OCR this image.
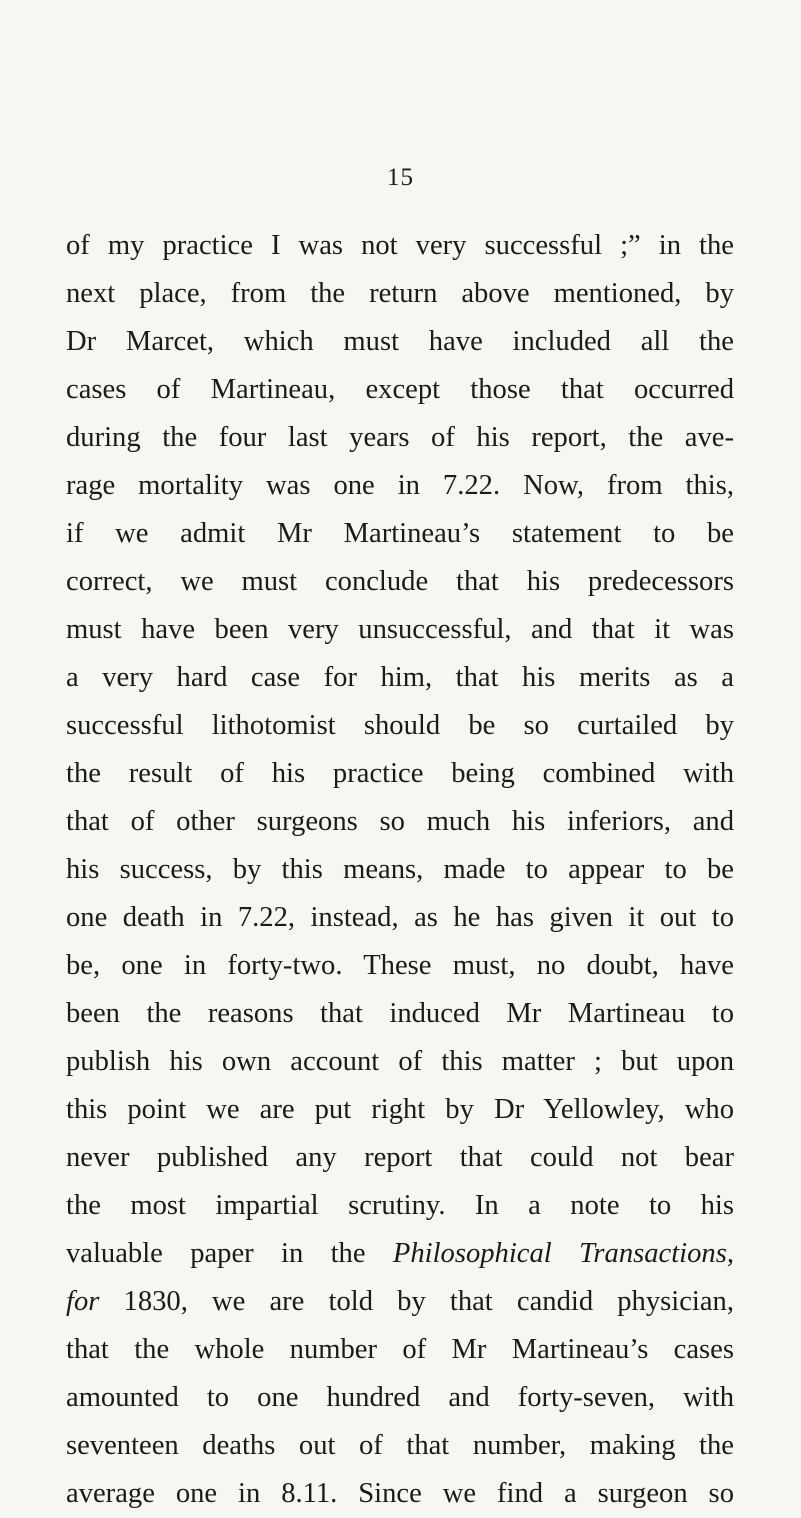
15
of my practice I was not very successful ;” in the
next place, from the return above mentioned, by
Dr Marcet, which must have included all the
cases of Martineau, except those that occurred
during the four last years of his report, the ave-
rage mortality was one in 7.22. Now, from this,
if we admit Mr Martineau’s statement to be
correct, we must conclude that his predecessors
must have been very unsuccessful, and that it was
a very hard case for him, that his merits as a
successful lithotomist should be so curtailed by
the result of his practice being combined with
that of other surgeons so much his inferiors, and
his success, by this means, made to appear to be
one death in 7.22, instead, as he has given it out to
be, one in forty-two. These must, no doubt, have
been the reasons that induced Mr Martineau to
publish his own account of this matter ; but upon
this point we are put right by Dr Yellowley, who
never published any report that could not bear
the most impartial scrutiny. In a note to his
valuable paper in the Philosophical Transactions,
for 1830, we are told by that candid physician,
that the whole number of Mr Martineau’s cases
amounted to one hundred and forty-seven, with
seventeen deaths out of that number, making the
average one in 8.11. Since we find a surgeon so
